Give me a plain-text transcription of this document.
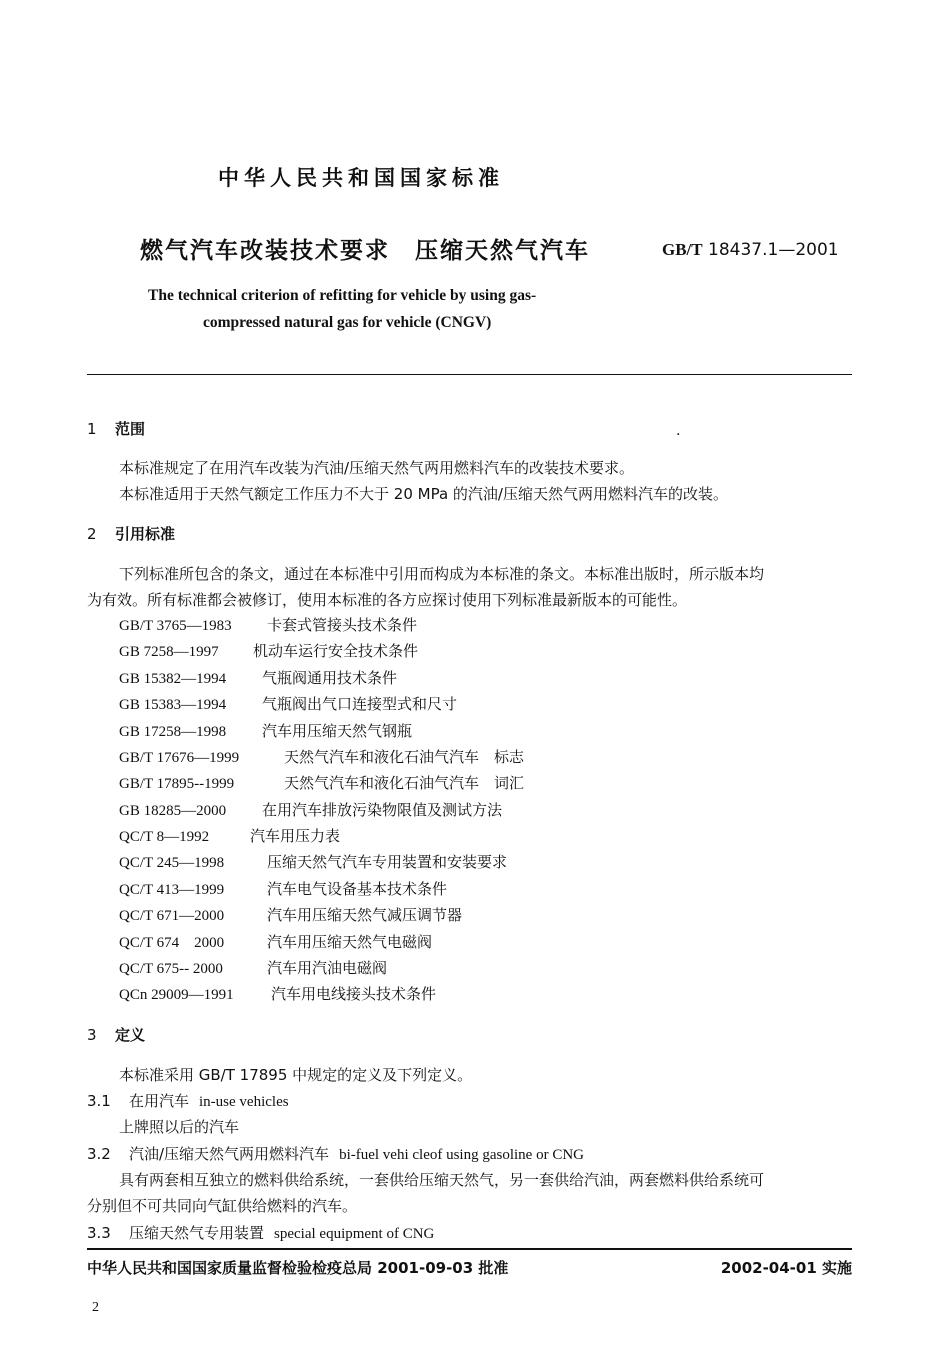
中华人民共和国国家标准
燃气汽车改装技术要求　压缩天然气汽车	GB/T 18437.1—2001
The technical criterion of refitting for vehicle by using gas-
compressed natural gas for vehicle (CNGV)
1 范围	.
本标准规定了在用汽车改装为汽油/压缩天然气两用燃料汽车的改装技术要求。
本标准适用于天然气额定工作压力不大于 20 MPa 的汽油/压缩天然气两用燃料汽车的改装。
2 引用标准
下列标准所包含的条文，通过在本标准中引用而构成为本标准的条文。本标准出版时，所示版本均
为有效。所有标准都会被修订，使用本标准的各方应探讨使用下列标准最新版本的可能性。
GB/T 3765—1983 卡套式管接头技术条件
GB 7258—1997 机动车运行安全技术条件
GB 15382—1994 气瓶阀通用技术条件
GB 15383—1994 气瓶阀出气口连接型式和尺寸
GB 17258—1998 汽车用压缩天然气钢瓶
GB/T 17676—1999	天然气汽车和液化石油气汽车　标志
GB/T 17895--1999	天然气汽车和液化石油气汽车　词汇
GB 18285—2000 在用汽车排放污染物限值及测试方法
QC/T 8—1992	汽车用压力表
QC/T 245—1998	压缩天然气汽车专用装置和安装要求
QC/T 413—1999	汽车电气设备基本技术条件
QC/T 671—2000	汽车用压缩天然气减压调节器
QC/T 674　2000	汽车用压缩天然气电磁阀
QC/T 675-- 2000	汽车用汽油电磁阀
QCn 29009—1991 汽车用电线接头技术条件
3 定义
本标准采用 GB/T 17895 中规定的定义及下列定义。
3.1 在用汽车 in-use vehicles
上牌照以后的汽车
3.2 汽油/压缩天然气两用燃料汽车 bi-fuel vehi cleof using gasoline or CNG
具有两套相互独立的燃料供给系统，一套供给压缩天然气，另一套供给汽油，两套燃料供给系统可
分别但不可共同向气缸供给燃料的汽车。
3.3 压缩天然气专用装置 special equipment of CNG
中华人民共和国国家质量监督检验检疫总局 2001-09-03 批准	2002-04-01 实施
2
